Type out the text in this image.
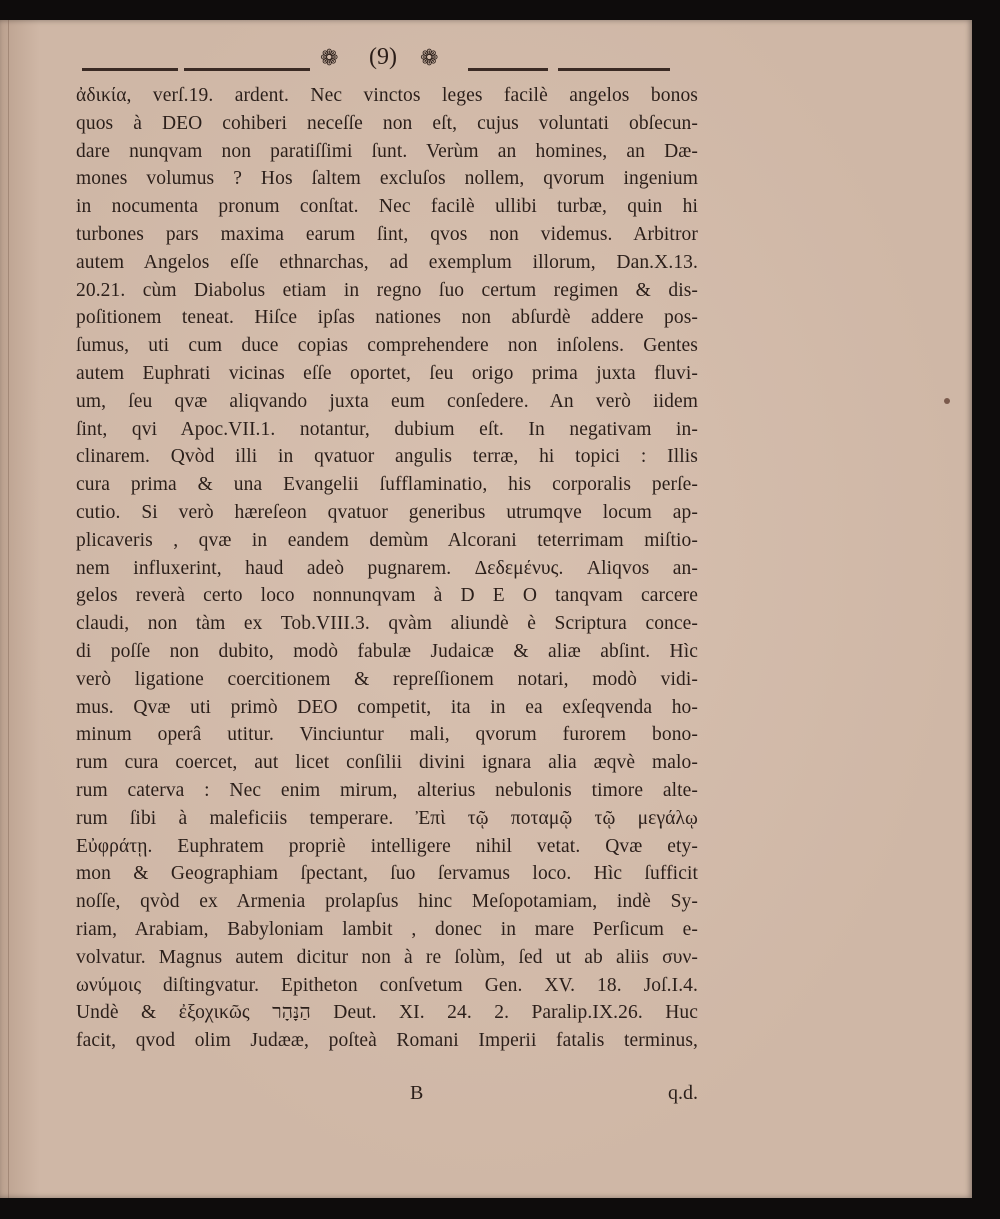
❁	(9)	❁
ἀδικία, verſ.19. ardent. Nec vinctos leges facilè angelos bonos
quos à DEO cohiberi neceſſe non eſt, cujus voluntati obſecun-
dare nunqvam non paratiſſimi ſunt. Verùm an homines, an Dæ-
mones volumus ? Hos ſaltem excluſos nollem, qvorum ingenium
in nocumenta pronum conſtat. Nec facilè ullibi turbæ, quin hi
turbones pars maxima earum ſint, qvos non videmus. Arbitror
autem Angelos eſſe ethnarchas, ad exemplum illorum, Dan.X.13.
20.21. cùm Diabolus etiam in regno ſuo certum regimen & dis-
poſitionem teneat. Hiſce ipſas nationes non abſurdè addere pos-
ſumus, uti cum duce copias comprehendere non inſolens. Gentes
autem Euphrati vicinas eſſe oportet, ſeu origo prima juxta fluvi-
um, ſeu qvæ aliqvando juxta eum conſedere. An verò iidem
ſint, qvi Apoc.VII.1. notantur, dubium eſt. In negativam in-
clinarem. Qvòd illi in qvatuor angulis terræ, hi topici : Illis
cura prima & una Evangelii ſufflaminatio, his corporalis perſe-
cutio. Si verò hæreſeon qvatuor generibus utrumqve locum ap-
plicaveris , qvæ in eandem demùm Alcorani teterrimam miſtio-
nem influxerint, haud adeò pugnarem. Δεδεμένυς. Aliqvos an-
gelos reverà certo loco nonnunqvam à D E O tanqvam carcere
claudi, non tàm ex Tob.VIII.3. qvàm aliundè è Scriptura conce-
di poſſe non dubito, modò fabulæ Judaicæ & aliæ abſint. Hìc
verò ligatione coercitionem & repreſſionem notari, modò vidi-
mus. Qvæ uti primò DEO competit, ita in ea exſeqvenda ho-
minum operâ utitur. Vinciuntur mali, qvorum furorem bono-
rum cura coercet, aut licet conſilii divini ignara alia æqvè malo-
rum caterva : Nec enim mirum, alterius nebulonis timore alte-
rum ſibi à maleficiis temperare. Ἐπὶ τῷ ποταμῷ τῷ μεγάλῳ
Εὐφράτῃ. Euphratem propriè intelligere nihil vetat. Qvæ ety-
mon & Geographiam ſpectant, ſuo ſervamus loco. Hìc ſufficit
noſſe, qvòd ex Armenia prolapſus hinc Meſopotamiam, indè Sy-
riam, Arabiam, Babyloniam lambit , donec in mare Perſicum e-
volvatur. Magnus autem dicitur non à re ſolùm, ſed ut ab aliis συν-
ωνύμοις diſtingvatur. Epitheton conſvetum Gen. XV. 18. Joſ.I.4.
Undè & ἐξοχικῶς הַנָּהָר Deut. XI. 24. 2. Paralip.IX.26. Huc
facit, qvod olim Judææ, poſteà Romani Imperii fatalis terminus,
B	q.d.
